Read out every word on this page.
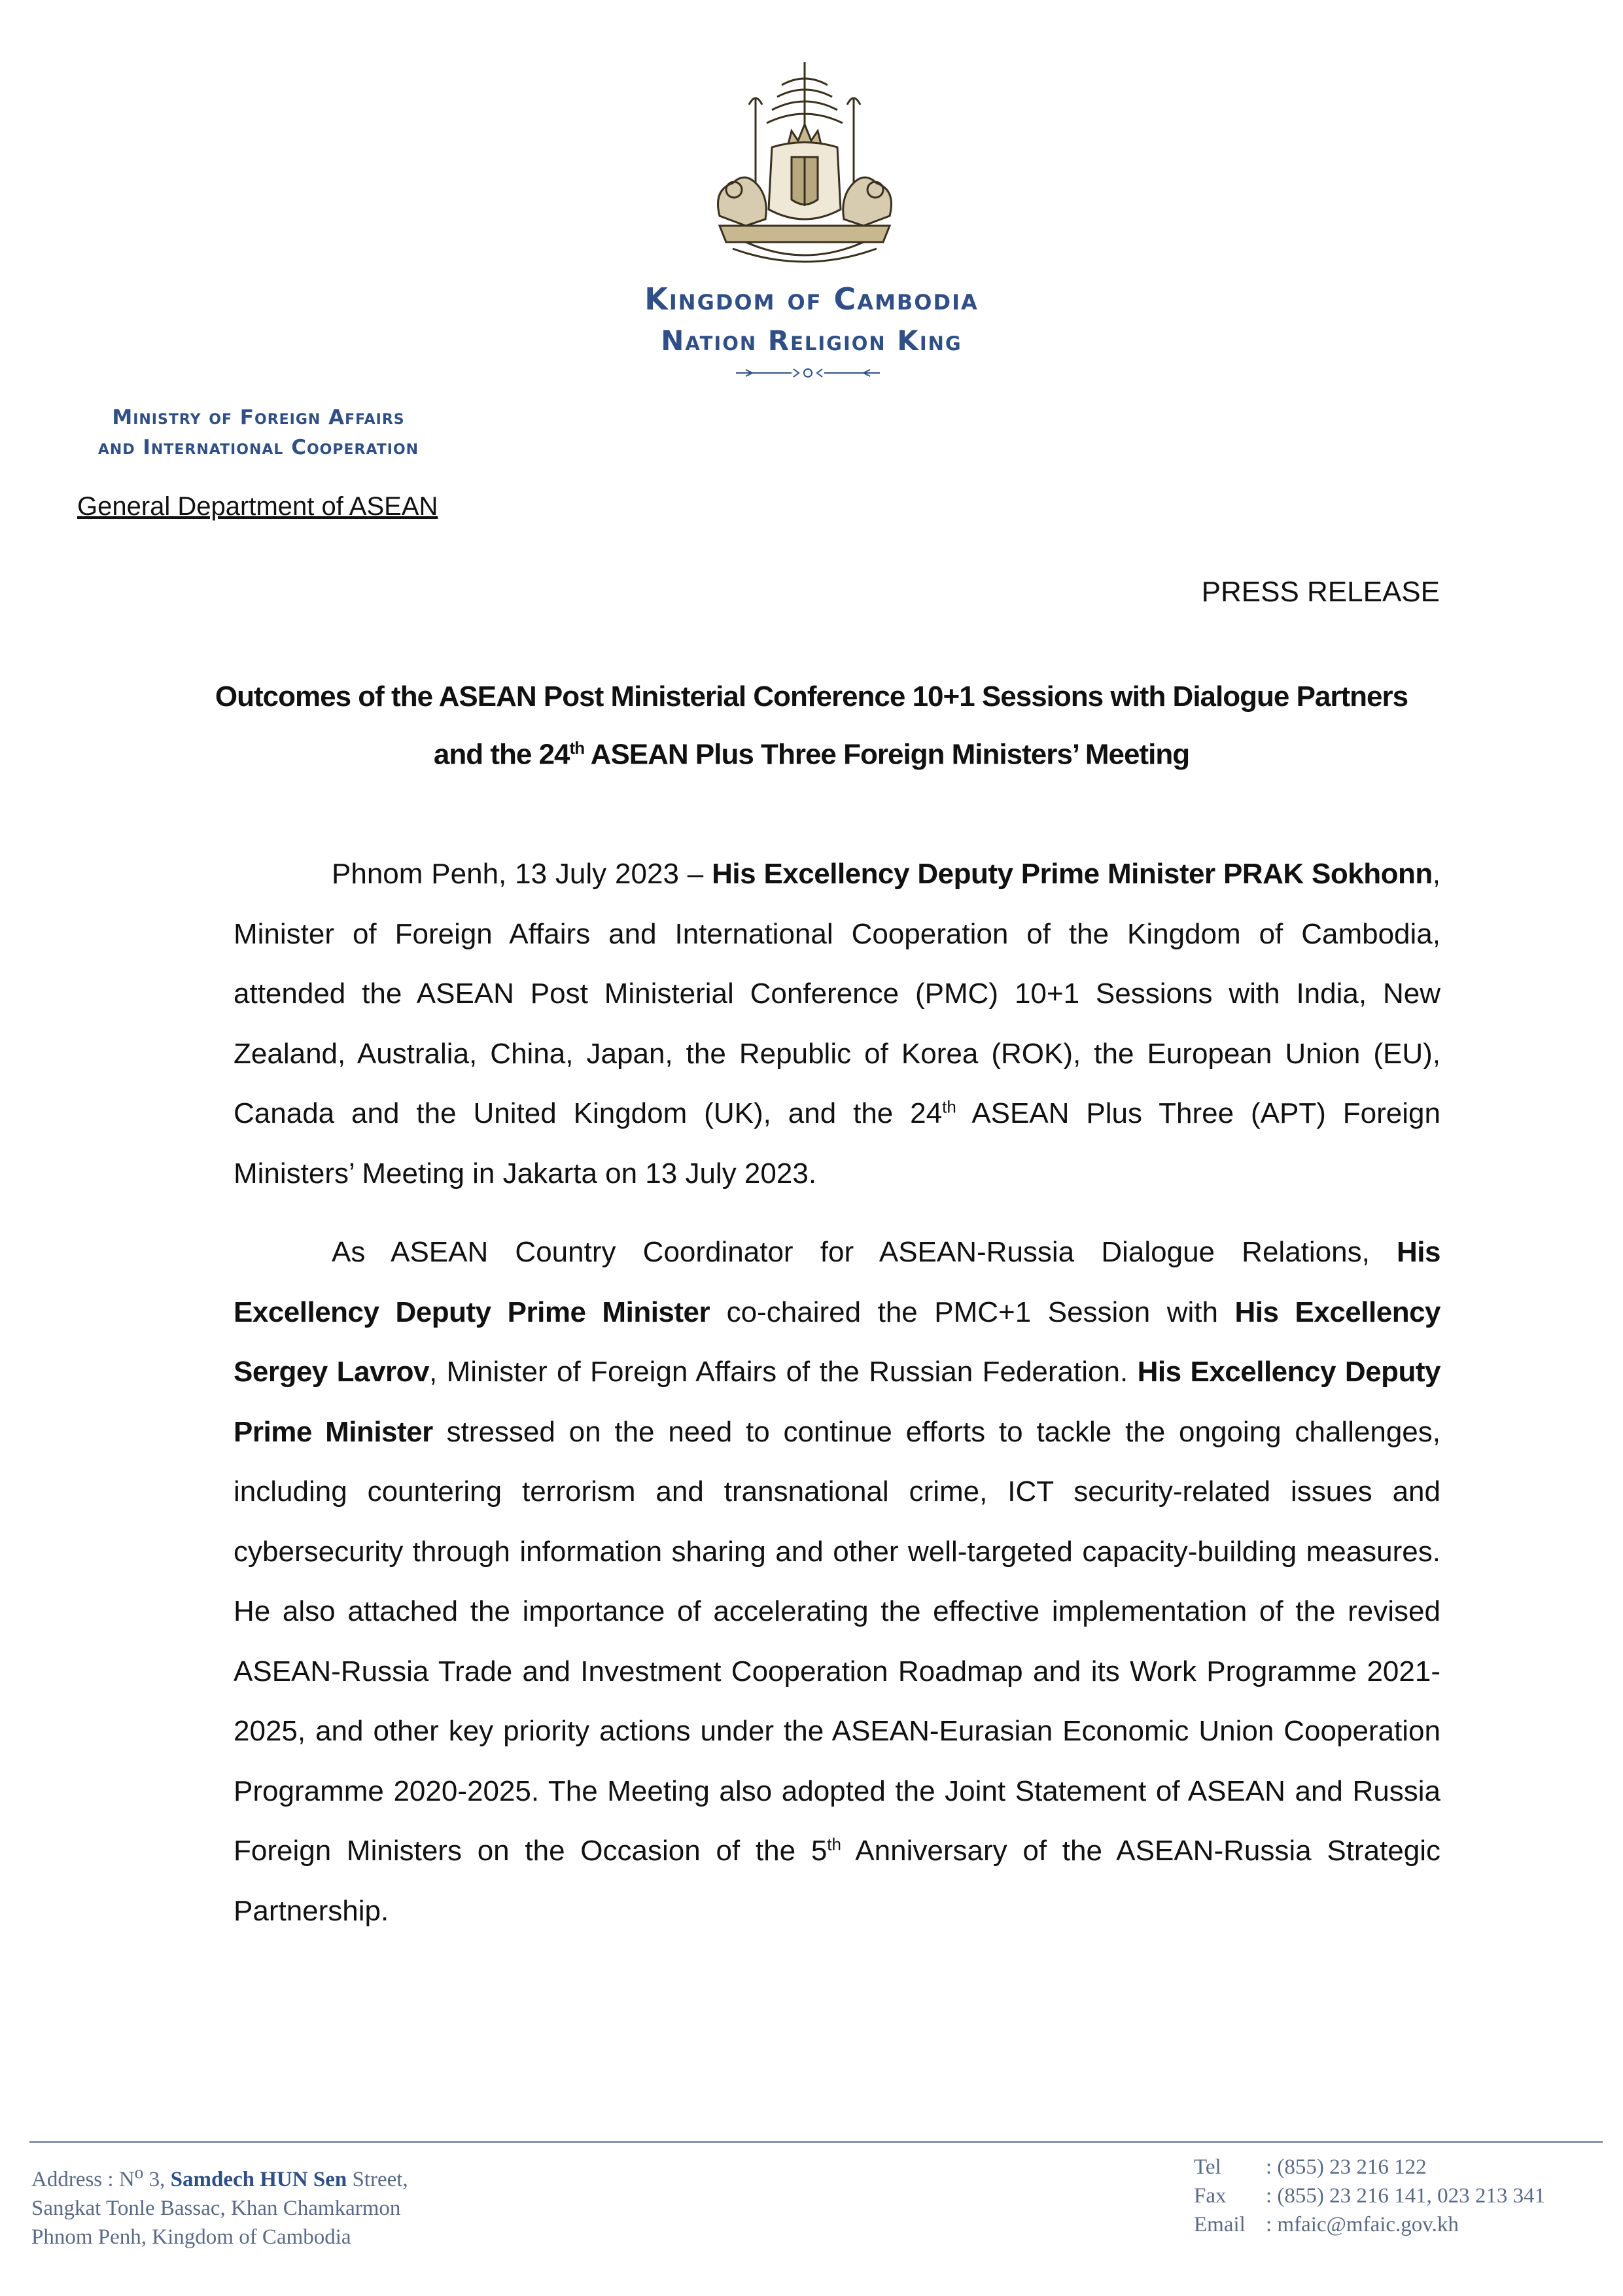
Kingdom of Cambodia
Nation Religion King
Ministry of Foreign Affairs
and International Cooperation
General Department of ASEAN
PRESS RELEASE
Outcomes of the ASEAN Post Ministerial Conference 10+1 Sessions with Dialogue Partners
and the 24th ASEAN Plus Three Foreign Ministers’ Meeting

Phnom Penh, 13 July 2023 – His Excellency Deputy Prime Minister PRAK Sokhonn, Minister of Foreign Affairs and International Cooperation of the Kingdom of Cambodia, attended the ASEAN Post Ministerial Conference (PMC) 10+1 Sessions with India, New Zealand, Australia, China, Japan, the Republic of Korea (ROK), the European Union (EU), Canada and the United Kingdom (UK), and the 24th ASEAN Plus Three (APT) Foreign Ministers’ Meeting in Jakarta on 13 July 2023.

As ASEAN Country Coordinator for ASEAN-Russia Dialogue Relations, His Excellency Deputy Prime Minister co-chaired the PMC+1 Session with His Excellency Sergey Lavrov, Minister of Foreign Affairs of the Russian Federation. His Excellency Deputy Prime Minister stressed on the need to continue efforts to tackle the ongoing challenges, including countering terrorism and transnational crime, ICT security-related issues and cybersecurity through information sharing and other well-targeted capacity-building measures. He also attached the importance of accelerating the effective implementation of the revised ASEAN-Russia Trade and Investment Cooperation Roadmap and its Work Programme 2021-2025, and other key priority actions under the ASEAN-Eurasian Economic Union Cooperation Programme 2020-2025. The Meeting also adopted the Joint Statement of ASEAN and Russia Foreign Ministers on the Occasion of the 5th Anniversary of the ASEAN-Russia Strategic Partnership.

Address : $N^o$ 3, Samdech HUN Sen Street,
Sangkat Tonle Bassac, Khan Chamkarmon
Phnom Penh, Kingdom of Cambodia
Tel : (855) 23 216 122
Fax : (855) 23 216 141, 023 213 341
Email : mfaic@mfaic.gov.kh
